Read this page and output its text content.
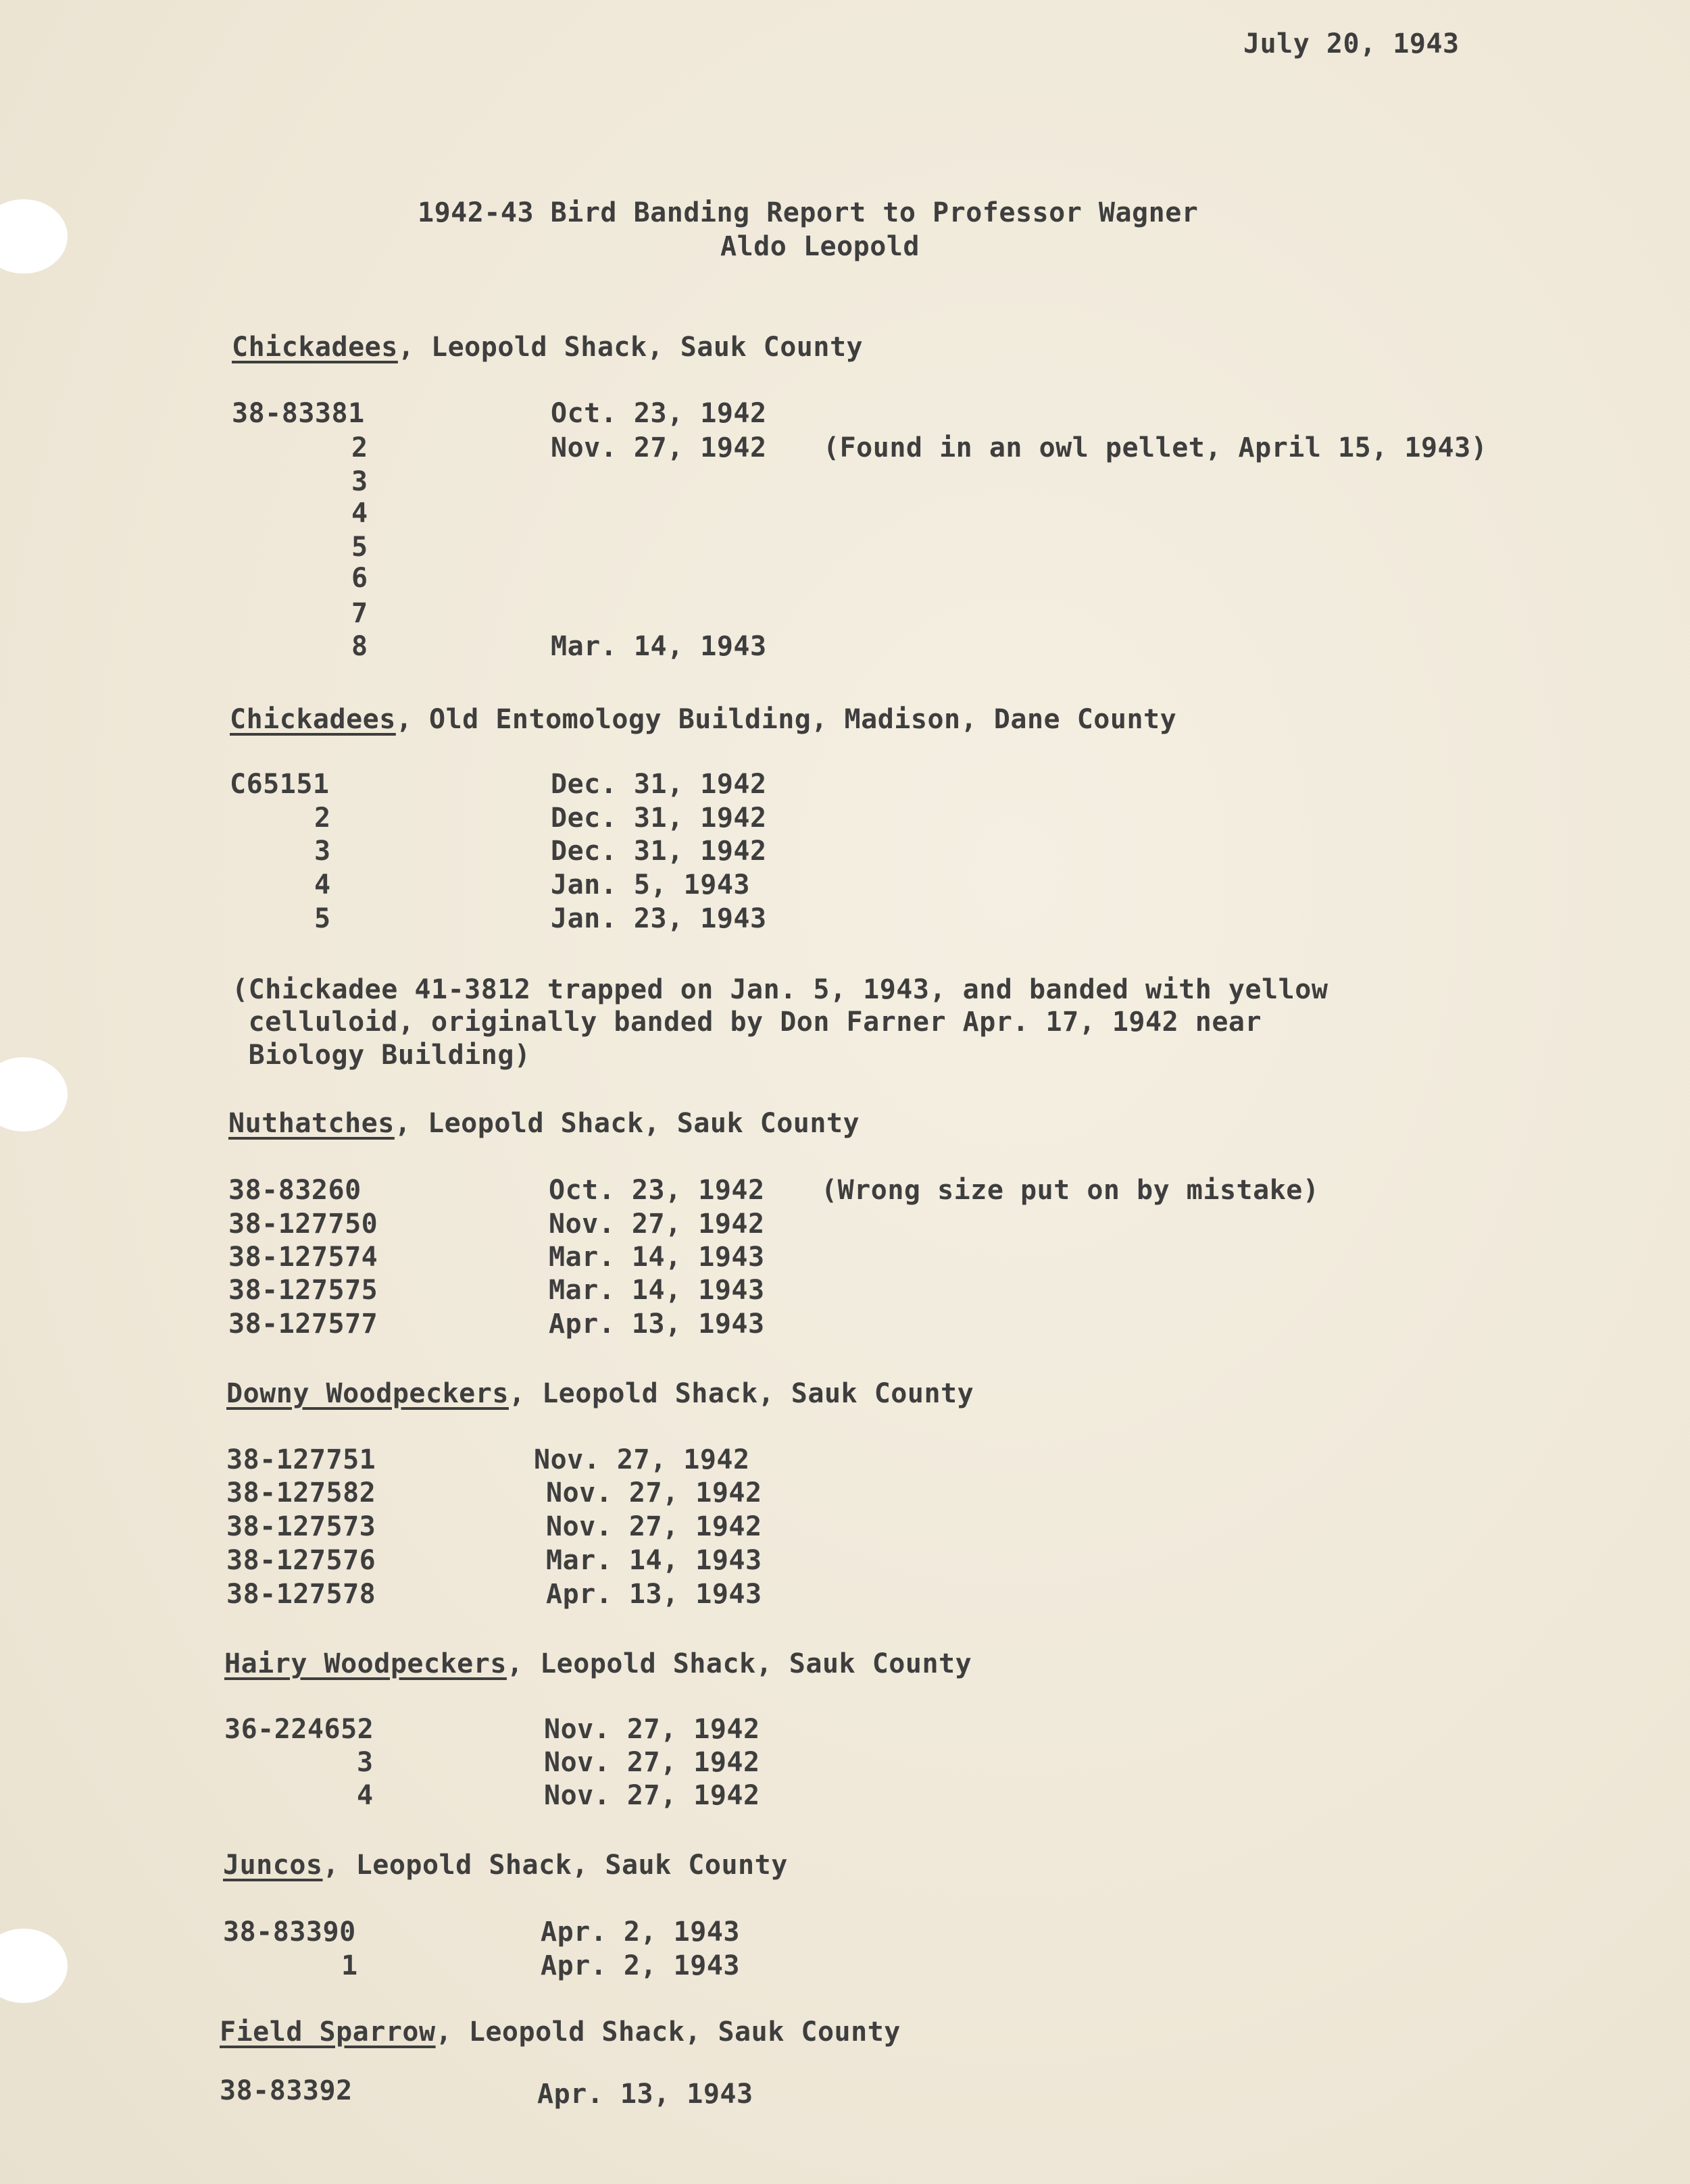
July 20, 1943
1942-43 Bird Banding Report to Professor Wagner
Aldo Leopold
Chickadees, Leopold Shack, Sauk County
38-83381	Oct. 23, 1942
2	Nov. 27, 1942 (Found in an owl pellet, April 15, 1943)
3
4
5
6
7
8	Mar. 14, 1943
Chickadees, Old Entomology Building, Madison, Dane County
C65151	Dec. 31, 1942
2	Dec. 31, 1942
3	Dec. 31, 1942
4	Jan. 5, 1943
5	Jan. 23, 1943
(Chickadee 41-3812 trapped on Jan. 5, 1943, and banded with yellow
celluloid, originally banded by Don Farner Apr. 17, 1942 near
Biology Building)
Nuthatches, Leopold Shack, Sauk County
38-83260	Oct. 23, 1942 (Wrong size put on by mistake)
38-127750	Nov. 27, 1942
38-127574	Mar. 14, 1943
38-127575	Mar. 14, 1943
38-127577	Apr. 13, 1943
Downy Woodpeckers, Leopold Shack, Sauk County
38-127751	Nov. 27, 1942
38-127582	Nov. 27, 1942
38-127573	Nov. 27, 1942
38-127576	Mar. 14, 1943
38-127578	Apr. 13, 1943
Hairy Woodpeckers, Leopold Shack, Sauk County
36-224652	Nov. 27, 1942
3	Nov. 27, 1942
4	Nov. 27, 1942
Juncos, Leopold Shack, Sauk County
38-83390	Apr. 2, 1943
1	Apr. 2, 1943
Field Sparrow, Leopold Shack, Sauk County
38-83392	Apr. 13, 1943
